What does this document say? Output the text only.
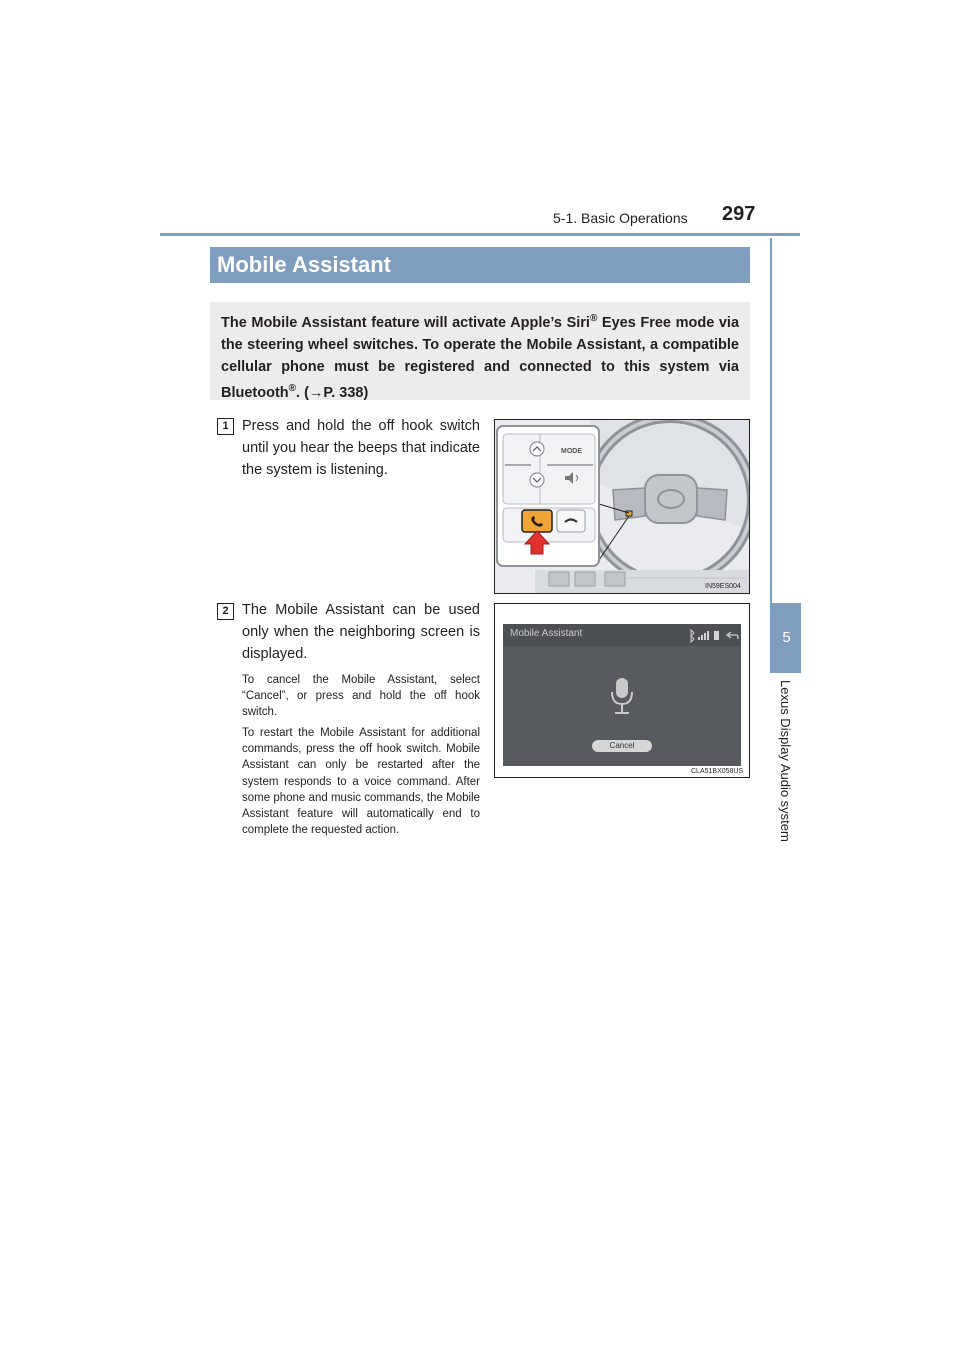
5-1. Basic Operations 297
5
Lexus Display Audio system
Mobile Assistant
The Mobile Assistant feature will activate Apple’s Siri® Eyes Free mode via the steering wheel switches. To operate the Mobile Assistant, a compatible cellular phone must be registered and connected to this system via Bluetooth®. (→P. 338)
1 Press and hold the off hook switch until you hear the beeps that indicate the system is listening.
MODE
IN59ES004
2 The Mobile Assistant can be used only when the neighboring screen is displayed.
To cancel the Mobile Assistant, select “Cancel”, or press and hold the off hook switch.
To restart the Mobile Assistant for additional commands, press the off hook switch. Mobile Assistant can only be restarted after the system responds to a voice command. After some phone and music commands, the Mobile Assistant feature will automatically end to complete the requested action.
Mobile Assistant
Cancel
CLA51BX058US
